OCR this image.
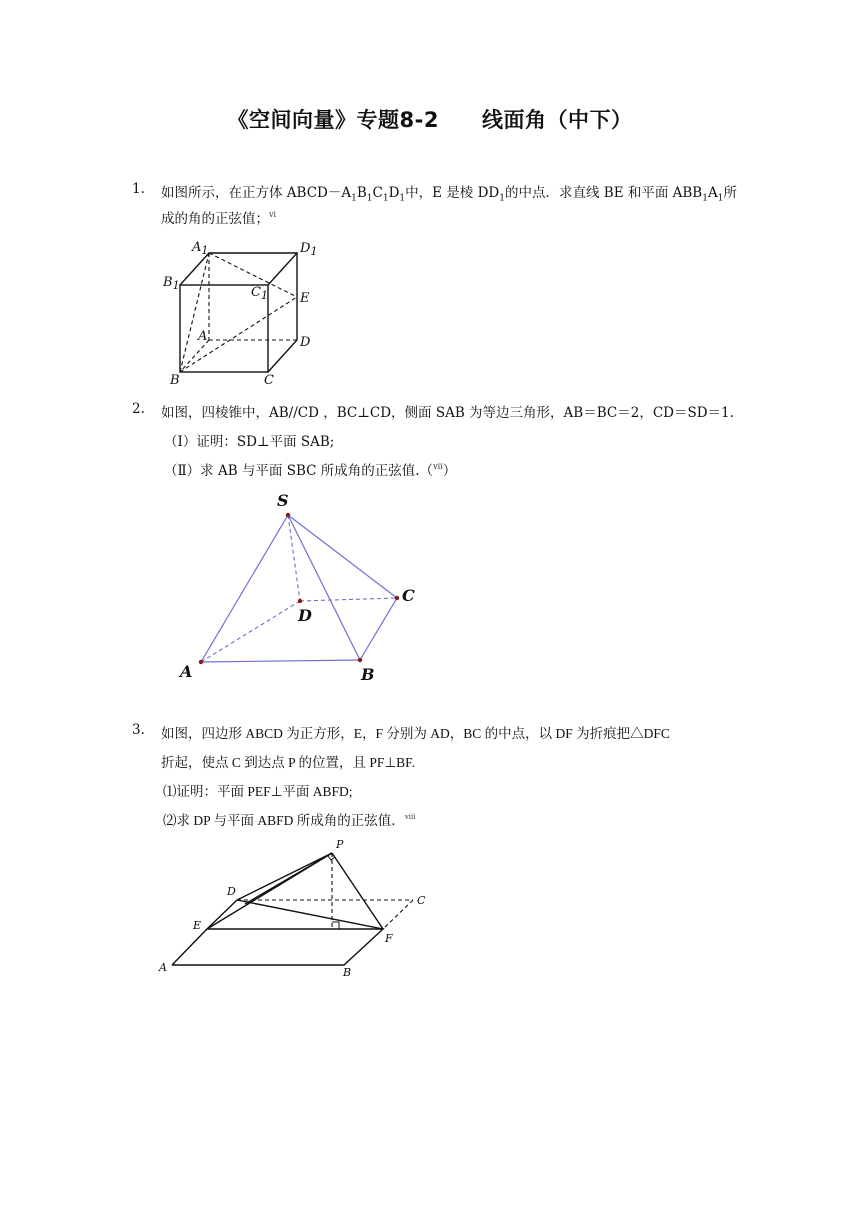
《空间向量》专题8-2　　线面角（中下）
1. 如图所示，在正方体 $ABCD-A_1B_1C_1D_1$中，E 是棱 $DD_1$的中点．求直线 BE 和平面 $ABB_1A_1$所
成的角的正弦值；$^{vi}$
$A_1$	$D_1$
$B_1$	$C_1$ E
A	D
B	C
2. 如图，四棱锥中，AB//CD ，BC⊥CD，侧面 SAB 为等边三角形，AB＝BC＝2，CD＝SD＝1.
（Ⅰ）证明：SD⊥平面 SAB;
（Ⅱ）求 AB 与平面 SBC 所成角的正弦值.（$^{vii}$）
S
C
D
A	B
3. 如图，四边形 ABCD 为正方形，E，F 分别为 AD，BC 的中点，以 DF 为折痕把△DFC
折起，使点 C 到达点 P 的位置，且 PF⊥BF.
⑴证明：平面 PEF⊥平面 ABFD;
⑵求 DP 与平面 ABFD 所成角的正弦值．$^{viii}$
P
D
C
E
F
A	B
